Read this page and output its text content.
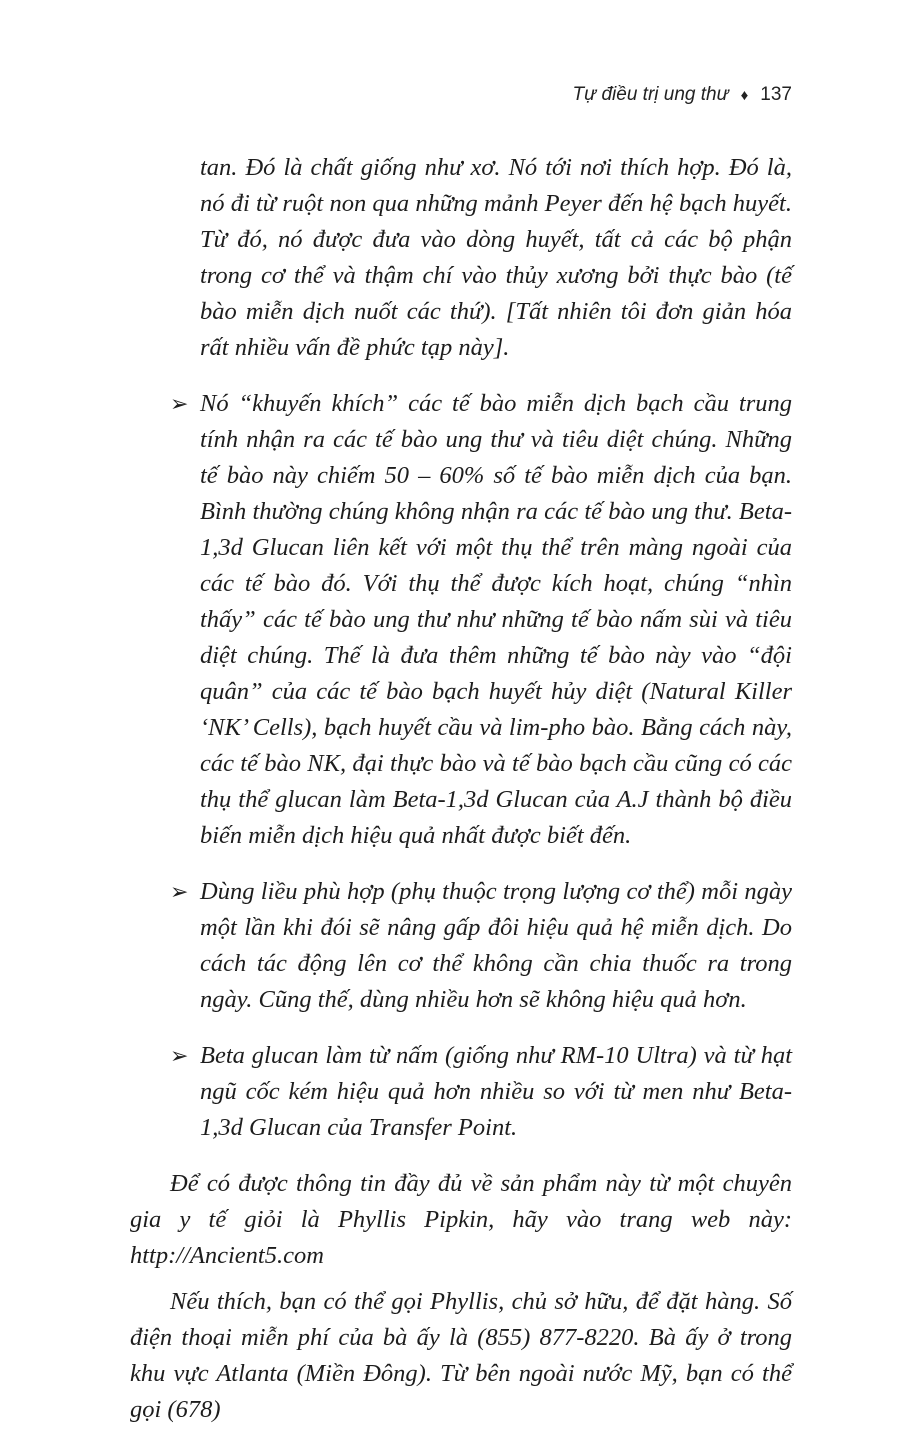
Tự điều trị ung thư ♦ 137
tan. Đó là chất giống như xơ. Nó tới nơi thích hợp. Đó là, nó đi từ ruột non qua những mảnh Peyer đến hệ bạch huyết. Từ đó, nó được đưa vào dòng huyết, tất cả các bộ phận trong cơ thể và thậm chí vào thủy xương bởi thực bào (tế bào miễn dịch nuốt các thứ). [Tất nhiên tôi đơn giản hóa rất nhiều vấn đề phức tạp này].
➢ Nó “khuyến khích” các tế bào miễn dịch bạch cầu trung tính nhận ra các tế bào ung thư và tiêu diệt chúng. Những tế bào này chiếm 50 – 60% số tế bào miễn dịch của bạn. Bình thường chúng không nhận ra các tế bào ung thư. Beta-1,3d Glucan liên kết với một thụ thể trên màng ngoài của các tế bào đó. Với thụ thể được kích hoạt, chúng “nhìn thấy” các tế bào ung thư như những tế bào nấm sùi và tiêu diệt chúng. Thế là đưa thêm những tế bào này vào “đội quân” của các tế bào bạch huyết hủy diệt (Natural Killer ‘NK’ Cells), bạch huyết cầu và lim-pho bào. Bằng cách này, các tế bào NK, đại thực bào và tế bào bạch cầu cũng có các thụ thể glucan làm Beta-1,3d Glucan của A.J thành bộ điều biến miễn dịch hiệu quả nhất được biết đến.
➢ Dùng liều phù hợp (phụ thuộc trọng lượng cơ thể) mỗi ngày một lần khi đói sẽ nâng gấp đôi hiệu quả hệ miễn dịch. Do cách tác động lên cơ thể không cần chia thuốc ra trong ngày. Cũng thế, dùng nhiều hơn sẽ không hiệu quả hơn.
➢ Beta glucan làm từ nấm (giống như RM-10 Ultra) và từ hạt ngũ cốc kém hiệu quả hơn nhiều so với từ men như Beta-1,3d Glucan của Transfer Point.

Để có được thông tin đầy đủ về sản phẩm này từ một chuyên gia y tế giỏi là Phyllis Pipkin, hãy vào trang web này: http://Ancient5.com

Nếu thích, bạn có thể gọi Phyllis, chủ sở hữu, để đặt hàng. Số điện thoại miễn phí của bà ấy là (855) 877-8220. Bà ấy ở trong khu vực Atlanta (Miền Đông). Từ bên ngoài nước Mỹ, bạn có thể gọi (678)
